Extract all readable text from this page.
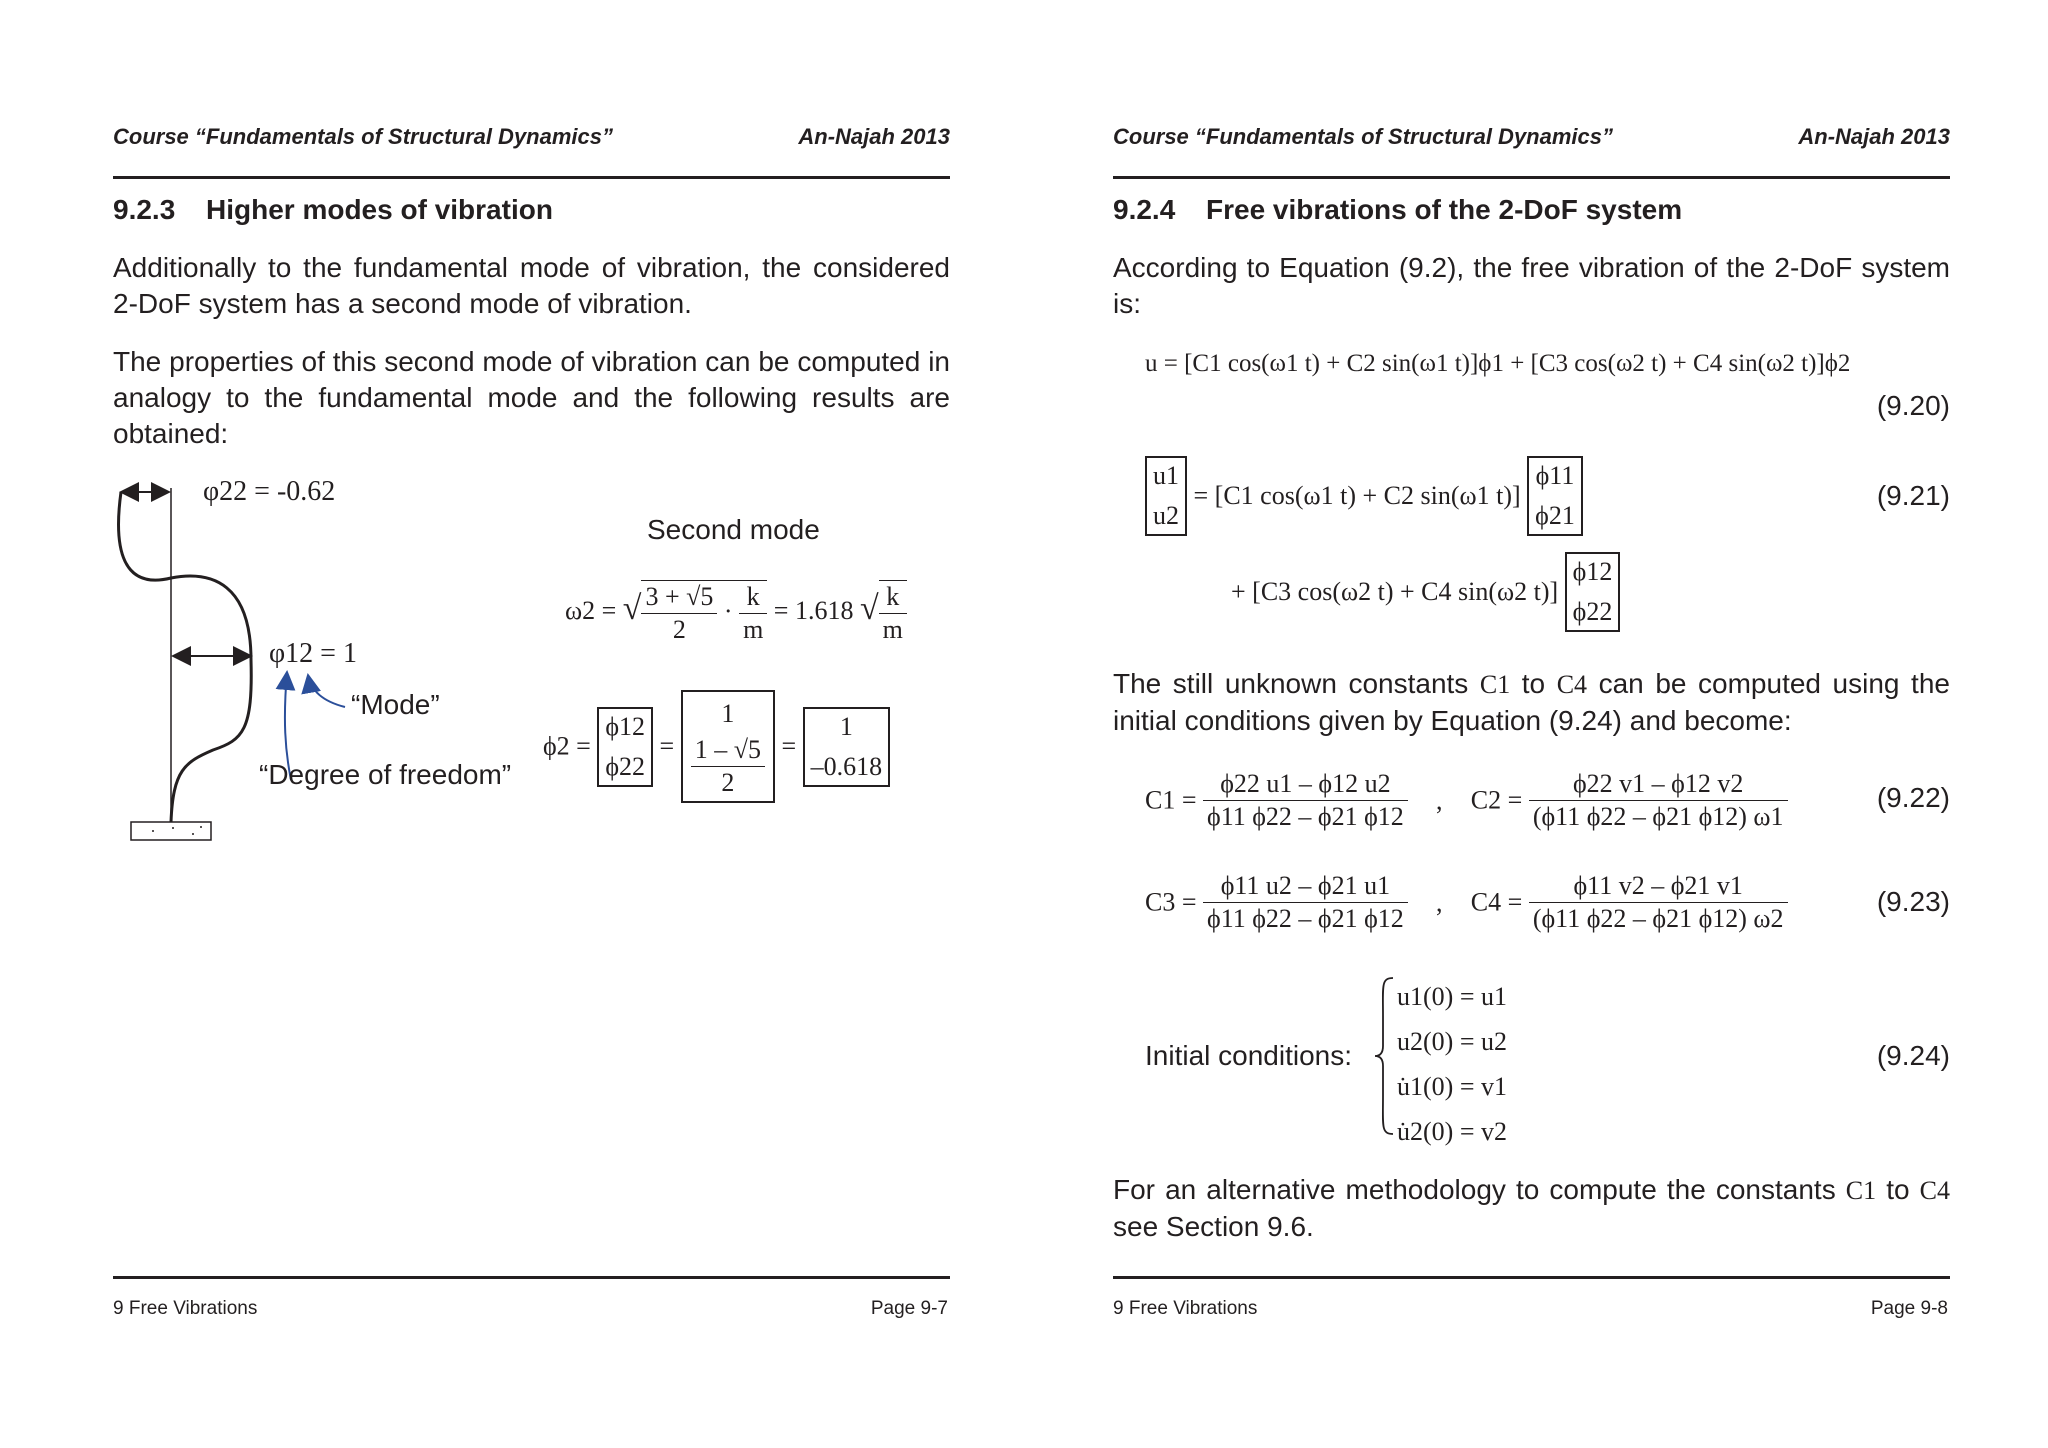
Course “Fundamentals of Structural Dynamics”	An-Najah 2013
9.2.3 Higher modes of vibration
Additionally to the fundamental mode of vibration, the considered 2-DoF system has a second mode of vibration.
The properties of this second mode of vibration can be computed in analogy to the fundamental mode and the following results are obtained:
φ22 = -0.62
φ12 = 1
“Mode”
“Degree of freedom”
Second mode
ω2 = √ $\frac{3 + √5}{2} \cdot \frac{k}{m} = 1.618$ √ $\frac{k}{m}$
ϕ2 =
ϕ12
ϕ22
=
1
1 – √5
2
=
1
–0.618
9 Free Vibrations	Page 9-7
Course “Fundamentals of Structural Dynamics”	An-Najah 2013
9.2.4 Free vibrations of the 2-DoF system
According to Equation (9.2), the free vibration of the 2-DoF system is:
u = [C1 cos(ω1 t) + C2 sin(ω1 t)]ϕ1 + [C3 cos(ω2 t) + C4 sin(ω2 t)]ϕ2
(9.20)
u1
u2
= [C1 cos(ω1 t) + C2 sin(ω1 t)]
ϕ11
ϕ21
(9.21)
+ [C3 cos(ω2 t) + C4 sin(ω2 t)]
ϕ12
ϕ22
The still unknown constants C1 to C4 can be computed using the initial conditions given by Equation (9.24) and become:
$C1 = \frac{\phi 22 u1 - \phi 12 u2}{\phi 11 \phi 22 - \phi 21 \phi 12}$ , $C2 = \frac{\phi 22 v1 - \phi 12 v2}{(\phi 11 \phi 22 - \phi 21 \phi 12) \omega 1}$	(9.22)
$C3 = \frac{\phi 11 u2 - \phi 21 u1}{\phi 11 \phi 22 - \phi 21 \phi 12}$ , $C4 = \frac{\phi 11 v2 - \phi 21 v1}{(\phi 11 \phi 22 - \phi 21 \phi 12) \omega 2}$	(9.23)
Initial conditions:
u1(0) = u1
u2(0) = u2
u̇1(0) = v1
u̇2(0) = v2
(9.24)
For an alternative methodology to compute the constants C1 to C4 see Section 9.6.
9 Free Vibrations	Page 9-8
